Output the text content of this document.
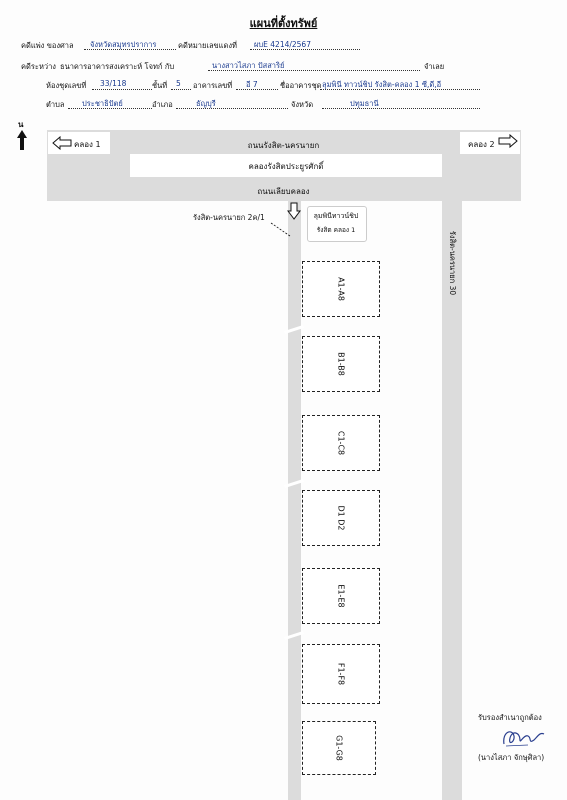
แผนที่ตั้งทรัพย์
คดีแพ่ง ของศาล จังหวัดสมุทรปราการ	คดีหมายเลขแดงที่ ผบE 4214/2567
คดีระหว่าง ธนาคารอาคารสงเคราะห์ โจทก์ กับ	นางสาวไสภา ปัสสาริย์	จำเลย
ห้องชุดเลขที่ 33/118	ชั้นที่ 5 อาคารเลขที่ อี 7	ชื่ออาคารชุด ลุมพินี ทาวน์ชิป รังสิต-คลอง 1 ซี,ดี,อี
ตำบล ประชาธิปัตย์	อำเภอ	ธัญบุรี	จังหวัด	ปทุมธานี
น
คลอง 1	ถนนรังสิต-นครนายก	คลอง 2
คลองรังสิตประยูรศักดิ์
ถนนเลียบคลอง
รังสิต-นครนายก 2ค/1	ลุมพินีทาวน์ชิป
รังสิต คลอง 1
รังสิต-นครนายก 30
A1-A8
B1-B8
C1-C8
D1 D2
E1-E8
F1-F8
G1-G8
รับรองสำเนาถูกต้อง
(นางไสภา จักษุศิลา)
